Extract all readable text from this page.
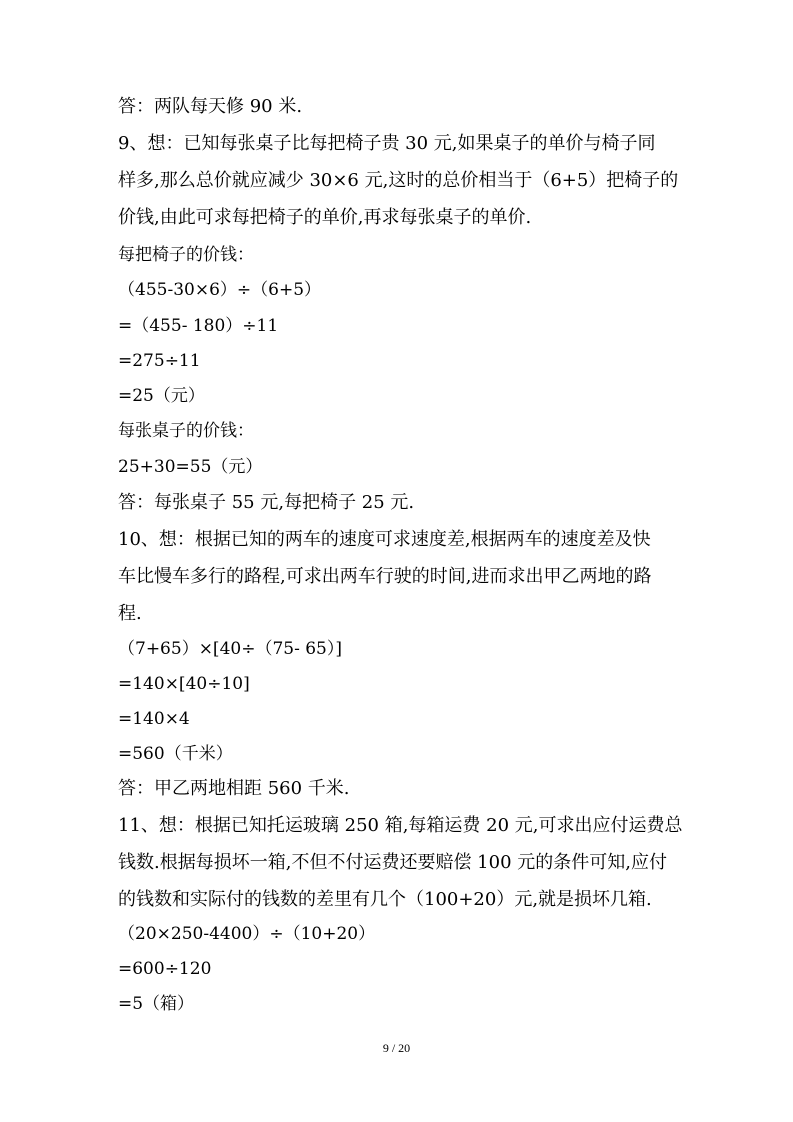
答：两队每天修 90 米.
9、想：已知每张桌子比每把椅子贵 30 元,如果桌子的单价与椅子同
样多,那么总价就应减少 30×6 元,这时的总价相当于（6+5）把椅子的
价钱,由此可求每把椅子的单价,再求每张桌子的单价.
每把椅子的价钱：
（455-30×6）÷（6+5）
=（455- 180）÷11
=275÷11
=25（元）
每张桌子的价钱：
25+30=55（元）
答：每张桌子 55 元,每把椅子 25 元.
10、想：根据已知的两车的速度可求速度差,根据两车的速度差及快
车比慢车多行的路程,可求出两车行驶的时间,进而求出甲乙两地的路
程.
（7+65）×[40÷（75- 65）]
=140×[40÷10]
=140×4
=560（千米）
答：甲乙两地相距 560 千米.
11、想：根据已知托运玻璃 250 箱,每箱运费 20 元,可求出应付运费总
钱数.根据每损坏一箱,不但不付运费还要赔偿 100 元的条件可知,应付
的钱数和实际付的钱数的差里有几个（100+20）元,就是损坏几箱.
（20×250-4400）÷（10+20）
=600÷120
=5（箱）
9 / 20
